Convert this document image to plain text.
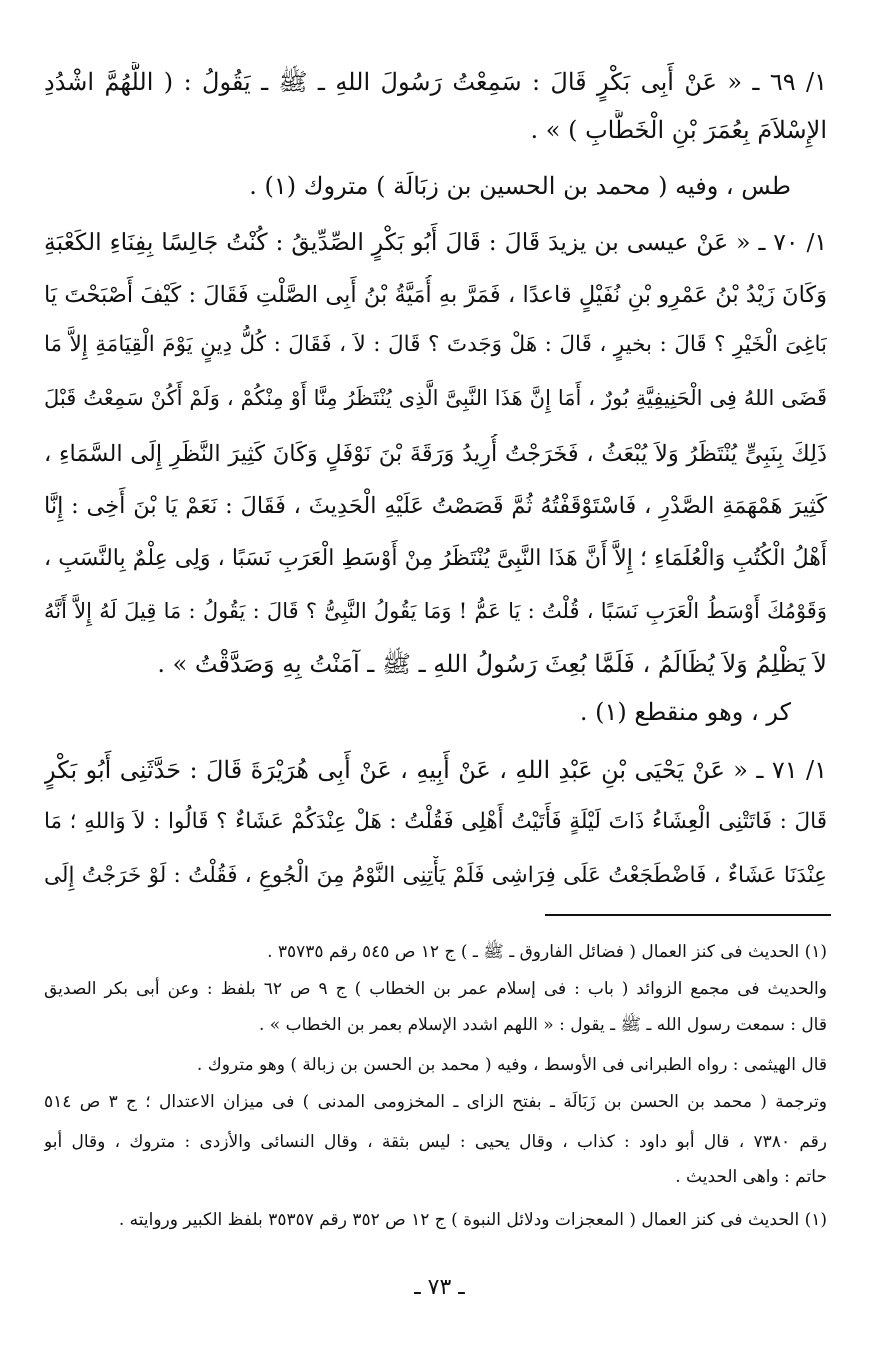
١/ ٦٩ ـ « عَنْ أَبِى بَكْرٍ قَالَ : سَمِعْتُ رَسُولَ اللهِ ـ ﷺ ـ يَقُولُ : ( اللَّهُمَّ اشْدُدِ
الإِسْلاَمَ بِعُمَرَ بْنِ الْخَطَّابِ ) » .
طس ، وفيه ( محمد بن الحسين بن زبَالَة ) متروك (١) .
١/ ٧٠ ـ « عَنْ عيسى بن يزيدَ قَالَ : قَالَ أَبُو بَكْرٍ الصِّدِّيقُ : كُنْتُ جَالِسًا بِفِنَاءِ الكَعْبَةِ
وَكَانَ زَيْدُ بْنُ عَمْرِو بْنِ نُفَيْلٍ قاعدًا ، فَمَرَّ بهِ أُمَيَّةُ بْنُ أَبِى الصَّلْتِ فَقَالَ : كَيْفَ أَصْبَحْتَ يَا
بَاغِىَ الْخَيْرِ ؟ قَالَ : بخيرٍ ، قَالَ : هَلْ وَجَدتَ ؟ قَالَ : لاَ ، فَقَالَ : كُلُّ دِينٍ يَوْمَ الْقِيَامَةِ إِلاَّ مَا
قَضَى اللهُ فِى الْحَنِيفِيَّةِ بُورٌ ، أَمَا إِنَّ هَذَا النَّبِىَّ الَّذِى يُنْتَظَرُ مِنَّا أَوْ مِنْكُمْ ، وَلَمْ أَكُنْ سَمِعْتُ قَبْلَ
ذَلِكَ بِنَبِىٍّ يُنْتَظَرُ وَلاَ يُبْعَثُ ، فَخَرَجْتُ أُرِيدُ وَرَقَةَ بْنَ نَوْفَلٍ وَكَانَ كَثِيرَ النَّظَرِ إِلَى السَّمَاءِ ،
كَثِيرَ هَمْهَمَةِ الصَّدْرِ ، فَاسْتَوْقَفْتُهُ ثُمَّ قَصَصْتُ عَلَيْهِ الْحَدِيثَ ، فَقَالَ : نَعَمْ يَا بْنَ أَخِى : إِنَّا
أَهْلُ الْكُتُبِ وَالْعُلَمَاءِ ؛ إِلاَّ أَنَّ هَذَا النَّبِىَّ يُنْتَظَرُ مِنْ أَوْسَطِ الْعَرَبِ نَسَبًا ، وَلِى عِلْمٌ بِالنَّسَبِ ،
وَقَوْمُكَ أَوْسَطُ الْعَرَبِ نَسَبًا ، قُلْتُ : يَا عَمُّ ! وَمَا يَقُولُ النَّبِىُّ ؟ قَالَ : يَقُولُ : مَا قِيلَ لَهُ إِلاَّ أَنَّهُ
لاَ يَظْلِمُ وَلاَ يُظَالَمُ ، فَلَمَّا بُعِثَ رَسُولُ اللهِ ـ ﷺ ـ آمَنْتُ بِهِ وَصَدَّقْتُ » .
كر ، وهو منقطع (١) .
١/ ٧١ ـ « عَنْ يَحْيَى بْنِ عَبْدِ اللهِ ، عَنْ أَبِيهِ ، عَنْ أَبِى هُرَيْرَةَ قَالَ : حَدَّثَنِى أَبُو بَكْرٍ
قَالَ : فَاتَتْنِى الْعِشَاءُ ذَاتَ لَيْلَةٍ فَأَتَيْتُ أَهْلِى فَقُلْتُ : هَلْ عِنْدَكُمْ عَشَاءٌ ؟ قَالُوا : لاَ وَاللهِ ؛ مَا
عِنْدَنَا عَشَاءٌ ، فَاضْطَجَعْتُ عَلَى فِرَاشِى فَلَمْ يَأْتِنِى النَّوْمُ مِنَ الْجُوعِ ، فَقُلْتُ : لَوْ خَرَجْتُ إِلَى
(١) الحديث فى كنز العمال ( فضائل الفاروق ـ ﷺ ـ ) ج ١٢ ص ٥٤٥ رقم ٣٥٧٣٥ .
والحديث فى مجمع الزوائد ( باب : فى إسلام عمر بن الخطاب ) ج ٩ ص ٦٢ بلفظ : وعن أبى بكر الصديق
قال : سمعت رسول الله ـ ﷺ ـ يقول : « اللهم اشدد الإسلام بعمر بن الخطاب » .
قال الهيثمى : رواه الطبرانى فى الأوسط ، وفيه ( محمد بن الحسن بن زبالة ) وهو متروك .
وترجمة ( محمد بن الحسن بن زَبَالَة ـ بفتح الزاى ـ المخزومى المدنى ) فى ميزان الاعتدال ؛ ج ٣ ص ٥١٤
رقم ٧٣٨٠ ، قال أبو داود : كذاب ، وقال يحيى : ليس بثقة ، وقال النسائى والأزدى : متروك ، وقال أبو
حاتم : واهى الحديث .
(١) الحديث فى كنز العمال ( المعجزات ودلائل النبوة ) ج ١٢ ص ٣٥٢ رقم ٣٥٣٥٧ بلفظ الكبير وروايته .
ـ ٧٣ ـ
